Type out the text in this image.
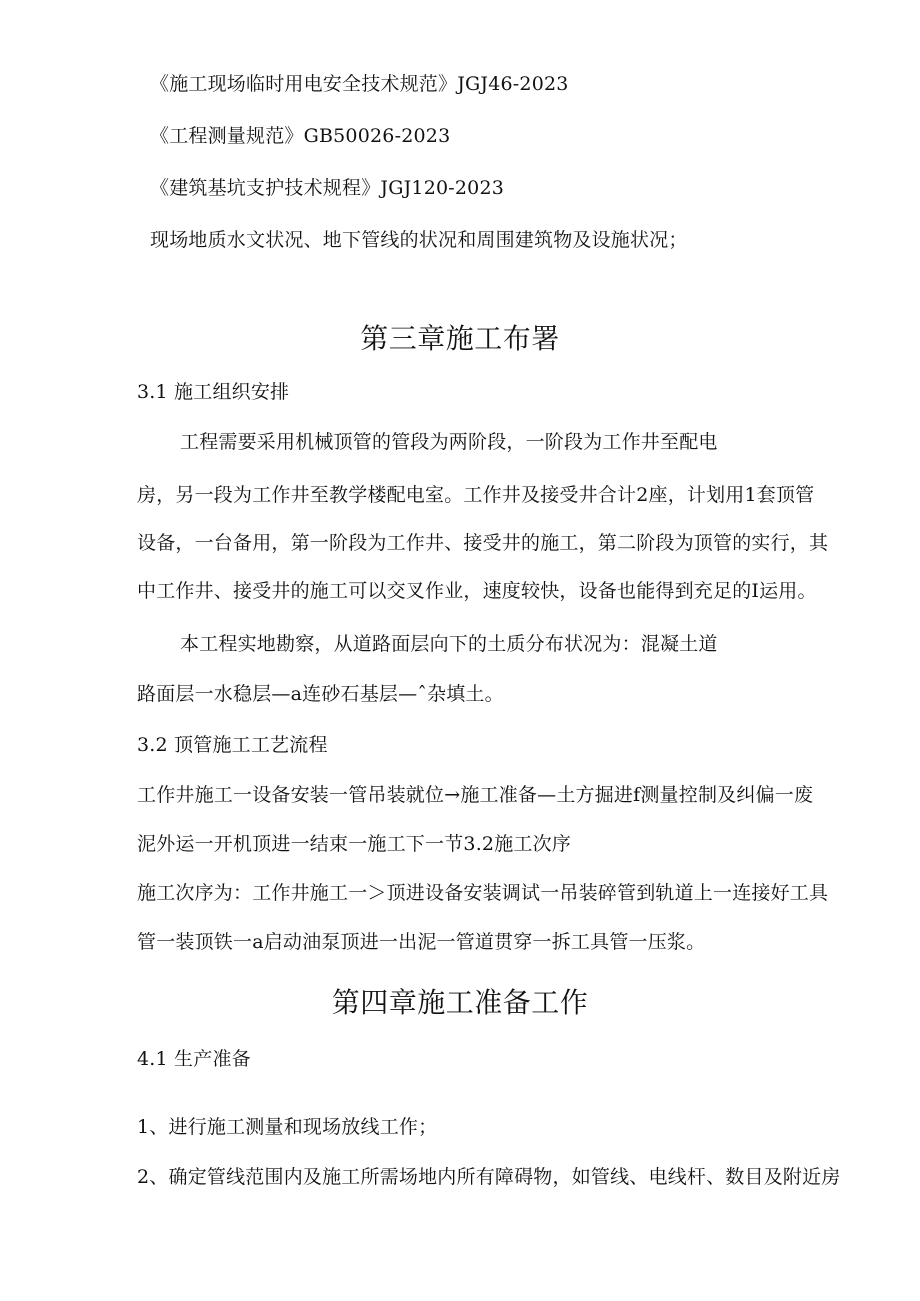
《施工现场临时用电安全技术规范》JGJ46-2023
《工程测量规范》GB50026-2023
《建筑基坑支护技术规程》JGJ120-2023
现场地质水文状况、地下管线的状况和周围建筑物及设施状况；
第三章施工布署
3.1 施工组织安排
工程需要采用机械顶管的管段为两阶段，一阶段为工作井至配电
房，另一段为工作井至教学楼配电室。工作井及接受井合计2座，计划用1套顶管
设备，一台备用，第一阶段为工作井、接受井的施工，第二阶段为顶管的实行，其
中工作井、接受井的施工可以交叉作业，速度较快，设备也能得到充足的I运用。
本工程实地勘察，从道路面层向下的土质分布状况为：混凝土道
路面层一水稳层—a连砂石基层—ˆ杂填土。
3.2 顶管施工工艺流程
工作井施工一设备安装一管吊装就位→施工准备—土方掘进f测量控制及纠偏一废
泥外运一开机顶进一结束一施工下一节3.2施工次序
施工次序为：工作井施工一＞顶进设备安装调试一吊装碎管到轨道上一连接好工具
管一装顶铁一a启动油泵顶进一出泥一管道贯穿一拆工具管一压浆。
第四章施工准备工作
4.1 生产准备
1、进行施工测量和现场放线工作；
2、确定管线范围内及施工所需场地内所有障碍物，如管线、电线杆、数目及附近房
